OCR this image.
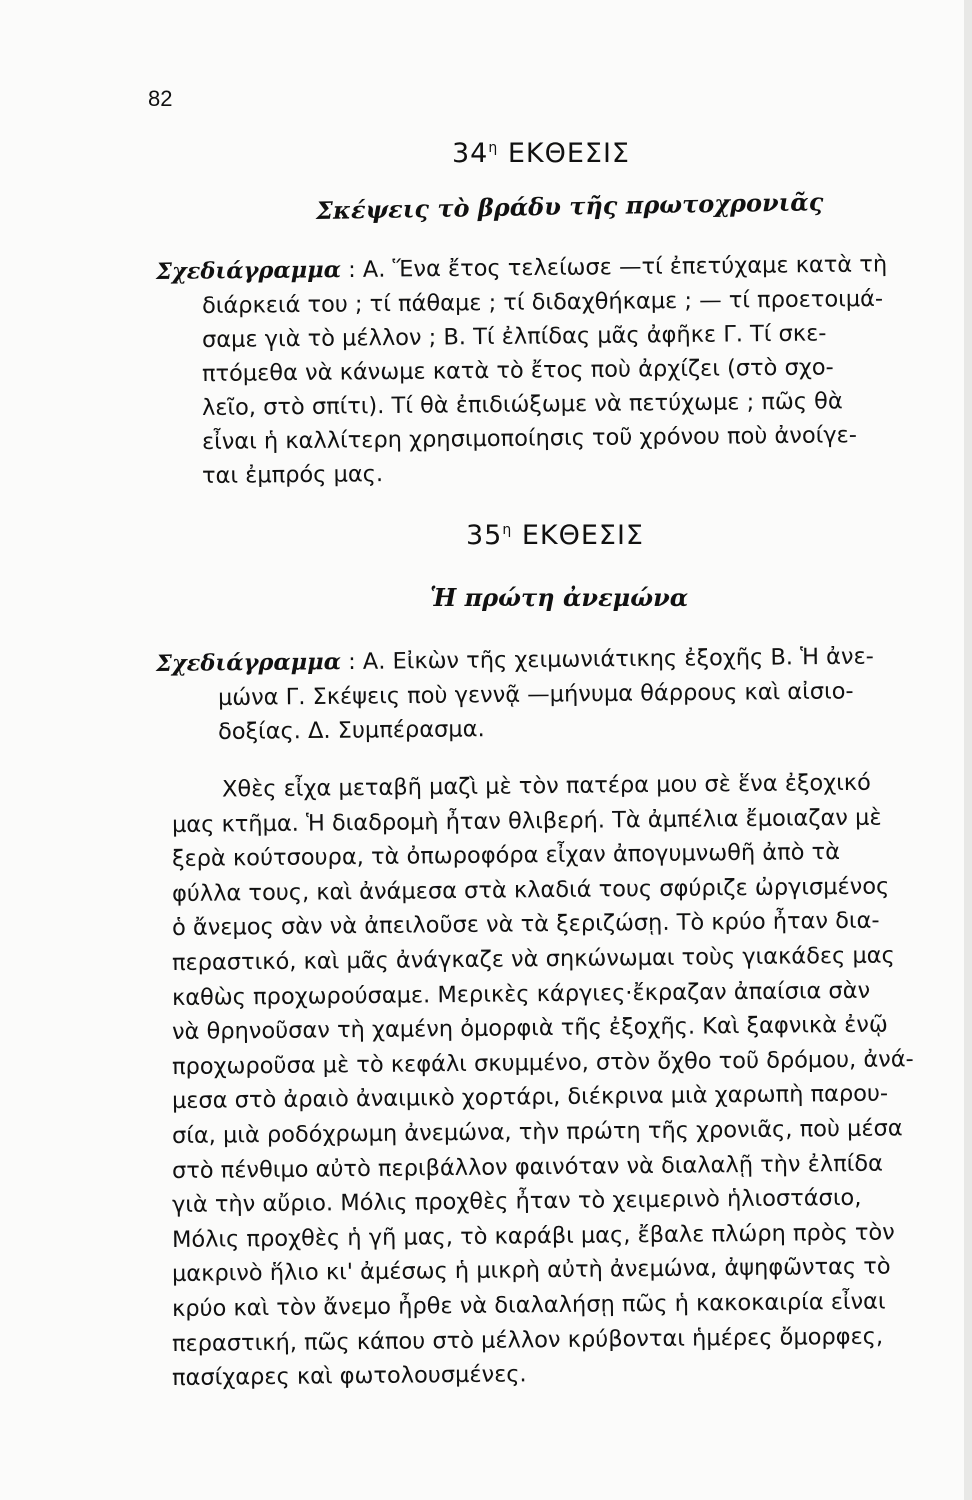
82
$34^\eta$ ΕΚΘΕΣΙΣ
Σκέψεις τὸ βράδυ τῆς πρωτοχρονιᾶς
Σχεδιάγραμμα : Α. Ἕνα ἔτος τελείωσε —τί ἐπετύχαμε κατὰ τὴ
διάρκειά του ; τί πάθαμε ; τί διδαχθήκαμε ; — τί προετοιμά-
σαμε γιὰ τὸ μέλλον ; Β. Τί ἐλπίδας μᾶς ἀφῆκε Γ. Τί σκε-
πτόμεθα νὰ κάνωμε κατὰ τὸ ἔτος ποὺ ἀρχίζει (στὸ σχο-
λεῖο, στὸ σπίτι). Τί θὰ ἐπιδιώξωμε νὰ πετύχωμε ; πῶς θὰ
εἶναι ἡ καλλίτερη χρησιμοποίησις τοῦ χρόνου ποὺ ἀνοίγε-
ται ἐμπρός μας.
$35^\eta$ ΕΚΘΕΣΙΣ
Ἡ πρώτη ἀνεμώνα
Σχεδιάγραμμα : Α. Εἰκὼν τῆς χειμωνιάτικης ἐξοχῆς Β. Ἡ ἀνε-
μώνα Γ. Σκέψεις ποὺ γεννᾷ —μήνυμα θάρρους καὶ αἰσιο-
δοξίας. Δ. Συμπέρασμα.
Χθὲς εἶχα μεταβῆ μαζὶ μὲ τὸν πατέρα μου σὲ ἕνα ἐξοχικό
μας κτῆμα. Ἡ διαδρομὴ ἦταν θλιβερή. Τὰ ἀμπέλια ἔμοιαζαν μὲ
ξερὰ κούτσουρα, τὰ ὀπωροφόρα εἶχαν ἀπογυμνωθῆ ἀπὸ τὰ
φύλλα τους, καὶ ἀνάμεσα στὰ κλαδιά τους σφύριζε ὠργισμένος
ὁ ἄνεμος σὰν νὰ ἀπειλοῦσε νὰ τὰ ξεριζώσῃ. Τὸ κρύο ἦταν δια-
περαστικό, καὶ μᾶς ἀνάγκαζε νὰ σηκώνωμαι τοὺς γιακάδες μας
καθὼς προχωρούσαμε. Μερικὲς κάργιες·ἔκραζαν ἀπαίσια σὰν
νὰ θρηνοῦσαν τὴ χαμένη ὀμορφιὰ τῆς ἐξοχῆς. Καὶ ξαφνικὰ ἐνῷ
προχωροῦσα μὲ τὸ κεφάλι σκυμμένο, στὸν ὄχθο τοῦ δρόμου, ἀνά-
μεσα στὸ ἀραιὸ ἀναιμικὸ χορτάρι, διέκρινα μιὰ χαρωπὴ παρου-
σία, μιὰ ροδόχρωμη ἀνεμώνα, τὴν πρώτη τῆς χρονιᾶς, ποὺ μέσα
στὸ πένθιμο αὐτὸ περιβάλλον φαινόταν νὰ διαλαλῇ τὴν ἐλπίδα
γιὰ τὴν αὔριο. Μόλις προχθὲς ἦταν τὸ χειμερινὸ ἡλιοστάσιο,
Μόλις προχθὲς ἡ γῆ μας, τὸ καράβι μας, ἔβαλε πλώρη πρὸς τὸν
μακρινὸ ἥλιο κι' ἀμέσως ἡ μικρὴ αὐτὴ ἀνεμώνα, ἀψηφῶντας τὸ
κρύο καὶ τὸν ἄνεμο ἦρθε νὰ διαλαλήσῃ πῶς ἡ κακοκαιρία εἶναι
περαστική, πῶς κάπου στὸ μέλλον κρύβονται ἡμέρες ὄμορφες,
πασίχαρες καὶ φωτολουσμένες.
